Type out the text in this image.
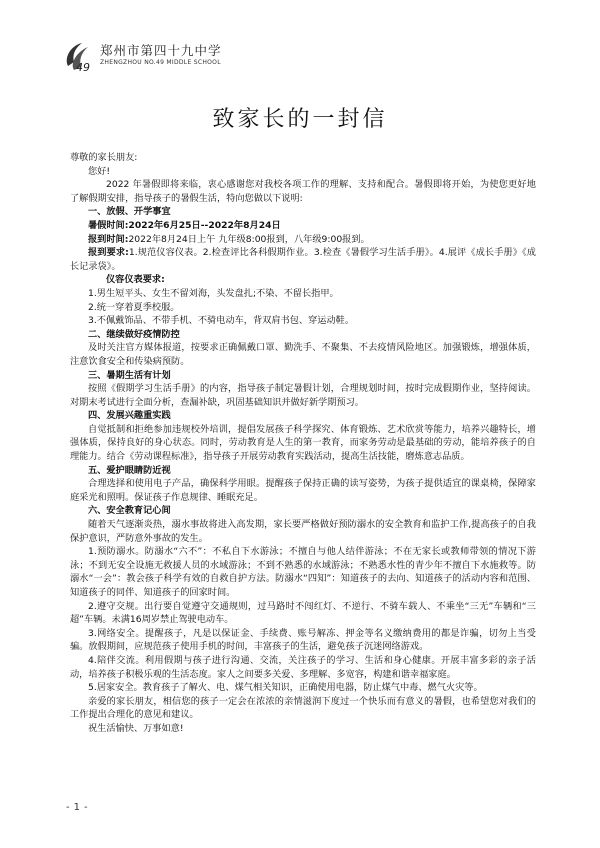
49
郑州市第四十九中学
ZHENGZHOU NO.49 MIDDLE SCHOOL
致家长的一封信

尊敬的家长朋友:

您好!

2022 年暑假即将来临，衷心感谢您对我校各项工作的理解、支持和配合。暑假即将开始，为使您更好地了解假期安排，指导孩子的暑假生活，特向您做以下说明:

一、放假、开学事宜

暑假时间:2022年6月25日--2022年8月24日

报到时间:2022年8月24日上午 九年级8:00报到，八年级9:00报到。

报到要求:1.规范仪容仪表。2.检查评比各科假期作业。3.检查《暑假学习生活手册》。4.展评《成长手册》《成长记录袋》。

仪容仪表要求:

1.男生短平头、女生不留刘海，头发盘扎;不染、不留长指甲。

2.统一穿着夏季校服。

3.不佩戴饰品、不带手机、不骑电动车，背双肩书包、穿运动鞋。

二、继续做好疫情防控

及时关注官方媒体报道，按要求正确佩戴口罩、勤洗手、不聚集、不去疫情风险地区。加强锻炼，增强体质，注意饮食安全和传染病预防。

三、暑期生活有计划

按照《假期学习生活手册》的内容，指导孩子制定暑假计划，合理规划时间，按时完成假期作业，坚持阅读。对期末考试进行全面分析，查漏补缺，巩固基础知识并做好新学期预习。

四、发展兴趣重实践

自觉抵制和拒绝参加违规校外培训，提倡发展孩子科学探究、体育锻炼、艺术欣赏等能力，培养兴趣特长，增强体质，保持良好的身心状态。同时，劳动教育是人生的第一教育，而家务劳动是最基础的劳动，能培养孩子的自理能力。结合《劳动课程标准》，指导孩子开展劳动教育实践活动，提高生活技能，磨炼意志品质。

五、爱护眼睛防近视

合理选择和使用电子产品，确保科学用眼。提醒孩子保持正确的读写姿势，为孩子提供适宜的课桌椅，保障家庭采光和照明。保证孩子作息规律、睡眠充足。

六、安全教育记心间

随着天气逐渐炎热，溺水事故将进入高发期，家长要严格做好预防溺水的安全教育和监护工作,提高孩子的自我保护意识，严防意外事故的发生。

1.预防溺水。防溺水“六不”：不私自下水游泳；不擅自与他人结伴游泳；不在无家长或教师带领的情况下游泳；不到无安全设施无救援人员的水域游泳；不到不熟悉的水域游泳；不熟悉水性的青少年不擅自下水施救等。防溺水“一会”：教会孩子科学有效的自救自护方法。防溺水“四知”：知道孩子的去向、知道孩子的活动内容和范围、知道孩子的同伴、知道孩子的回家时间。

2.遵守交规。出行要自觉遵守交通规则，过马路时不闯红灯、不逆行、不骑车载人、不乘坐“三无”车辆和“三超”车辆。未满16周岁禁止驾驶电动车。

3.网络安全。提醒孩子，凡是以保证金、手续费、账号解冻、押金等名义缴纳费用的都是诈骗，切勿上当受骗。放假期间，应规范孩子使用手机的时间，丰富孩子的生活，避免孩子沉迷网络游戏。

4.陪伴交流。利用假期与孩子进行沟通、交流，关注孩子的学习、生活和身心健康。开展丰富多彩的亲子活动，培养孩子积极乐观的生活态度。家人之间要多关爱、多理解、多宽容，构建和谐幸福家庭。

5.居家安全。教育孩子了解火、电、煤气相关知识，正确使用电器，防止煤气中毒、燃气火灾等。

亲爱的家长朋友，相信您的孩子一定会在浓浓的亲情滋润下度过一个快乐而有意义的暑假，也希望您对我们的工作提出合理化的意见和建议。

祝生活愉快、万事如意!

-1-
